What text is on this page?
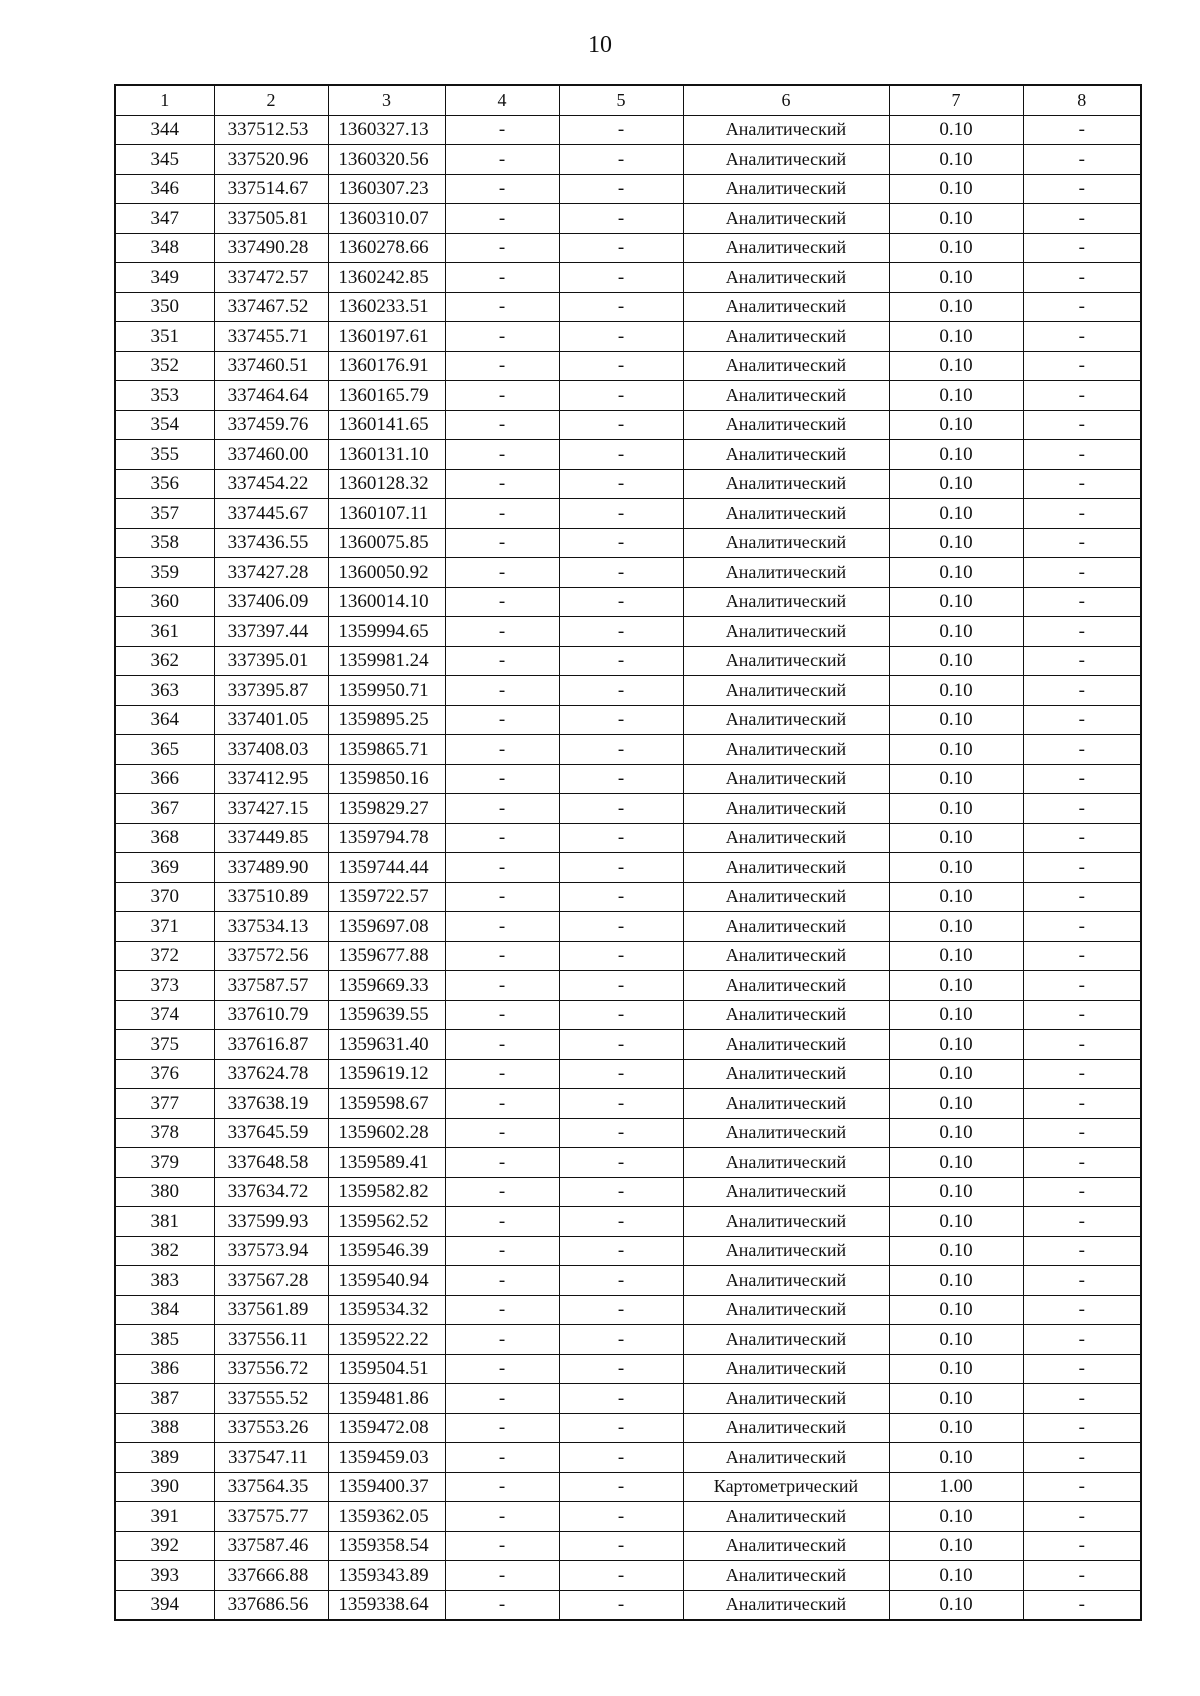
10
1	2	3	4	5	6	7	8
344	337512.53	1360327.13	-	-	Аналитический	0.10	-
345	337520.96	1360320.56	-	-	Аналитический	0.10	-
346	337514.67	1360307.23	-	-	Аналитический	0.10	-
347	337505.81	1360310.07	-	-	Аналитический	0.10	-
348	337490.28	1360278.66	-	-	Аналитический	0.10	-
349	337472.57	1360242.85	-	-	Аналитический	0.10	-
350	337467.52	1360233.51	-	-	Аналитический	0.10	-
351	337455.71	1360197.61	-	-	Аналитический	0.10	-
352	337460.51	1360176.91	-	-	Аналитический	0.10	-
353	337464.64	1360165.79	-	-	Аналитический	0.10	-
354	337459.76	1360141.65	-	-	Аналитический	0.10	-
355	337460.00	1360131.10	-	-	Аналитический	0.10	-
356	337454.22	1360128.32	-	-	Аналитический	0.10	-
357	337445.67	1360107.11	-	-	Аналитический	0.10	-
358	337436.55	1360075.85	-	-	Аналитический	0.10	-
359	337427.28	1360050.92	-	-	Аналитический	0.10	-
360	337406.09	1360014.10	-	-	Аналитический	0.10	-
361	337397.44	1359994.65	-	-	Аналитический	0.10	-
362	337395.01	1359981.24	-	-	Аналитический	0.10	-
363	337395.87	1359950.71	-	-	Аналитический	0.10	-
364	337401.05	1359895.25	-	-	Аналитический	0.10	-
365	337408.03	1359865.71	-	-	Аналитический	0.10	-
366	337412.95	1359850.16	-	-	Аналитический	0.10	-
367	337427.15	1359829.27	-	-	Аналитический	0.10	-
368	337449.85	1359794.78	-	-	Аналитический	0.10	-
369	337489.90	1359744.44	-	-	Аналитический	0.10	-
370	337510.89	1359722.57	-	-	Аналитический	0.10	-
371	337534.13	1359697.08	-	-	Аналитический	0.10	-
372	337572.56	1359677.88	-	-	Аналитический	0.10	-
373	337587.57	1359669.33	-	-	Аналитический	0.10	-
374	337610.79	1359639.55	-	-	Аналитический	0.10	-
375	337616.87	1359631.40	-	-	Аналитический	0.10	-
376	337624.78	1359619.12	-	-	Аналитический	0.10	-
377	337638.19	1359598.67	-	-	Аналитический	0.10	-
378	337645.59	1359602.28	-	-	Аналитический	0.10	-
379	337648.58	1359589.41	-	-	Аналитический	0.10	-
380	337634.72	1359582.82	-	-	Аналитический	0.10	-
381	337599.93	1359562.52	-	-	Аналитический	0.10	-
382	337573.94	1359546.39	-	-	Аналитический	0.10	-
383	337567.28	1359540.94	-	-	Аналитический	0.10	-
384	337561.89	1359534.32	-	-	Аналитический	0.10	-
385	337556.11	1359522.22	-	-	Аналитический	0.10	-
386	337556.72	1359504.51	-	-	Аналитический	0.10	-
387	337555.52	1359481.86	-	-	Аналитический	0.10	-
388	337553.26	1359472.08	-	-	Аналитический	0.10	-
389	337547.11	1359459.03	-	-	Аналитический	0.10	-
390	337564.35	1359400.37	-	-	Картометрический	1.00	-
391	337575.77	1359362.05	-	-	Аналитический	0.10	-
392	337587.46	1359358.54	-	-	Аналитический	0.10	-
393	337666.88	1359343.89	-	-	Аналитический	0.10	-
394	337686.56	1359338.64	-	-	Аналитический	0.10	-
